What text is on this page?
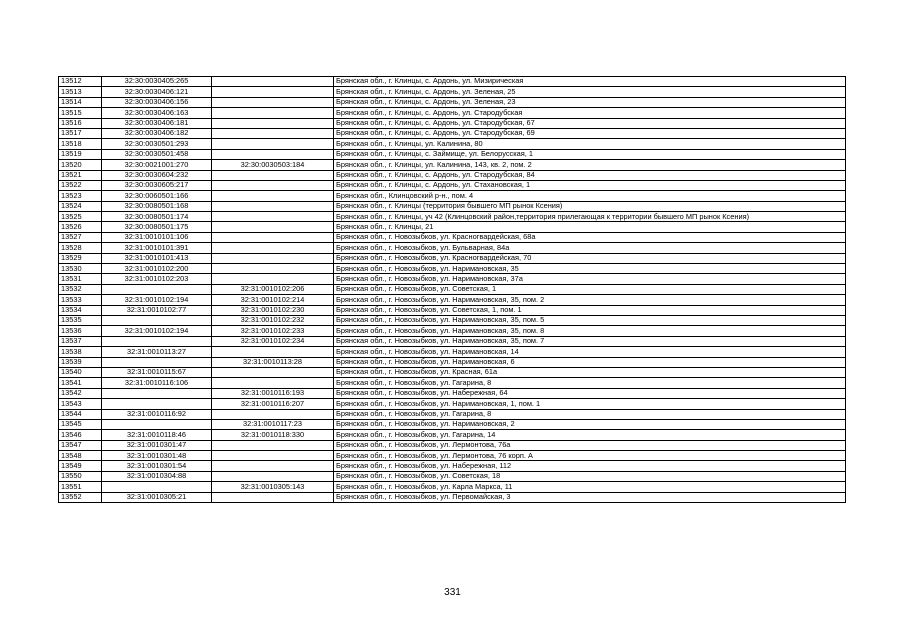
13512	32:30:0030405:265		Брянская обл., г. Клинцы, с. Ардонь, ул. Мизирическая
13513	32:30:0030406:121		Брянская обл., г. Клинцы, с. Ардонь, ул. Зеленая, 25
13514	32:30:0030406:156		Брянская обл., г. Клинцы, с. Ардонь, ул. Зеленая, 23
13515	32:30:0030406:163		Брянская обл., г. Клинцы, с. Ардонь, ул. Стародубская
13516	32:30:0030406:181		Брянская обл., г. Клинцы, с. Ардонь, ул. Стародубская, 67
13517	32:30:0030406:182		Брянская обл., г. Клинцы, с. Ардонь, ул. Стародубская, 69
13518	32:30:0030501:293		Брянская обл., г. Клинцы, ул. Калинина, 80
13519	32:30:0030501:458		Брянская обл., г. Клинцы, с. Займище, ул. Белорусская, 1
13520	32:30:0021001:270	32:30:0030503:184	Брянская обл., г. Клинцы, ул. Калинина, 143, кв. 2, пом. 2
13521	32:30:0030604:232		Брянская обл., г. Клинцы, с. Ардонь, ул. Стародубская, 84
13522	32:30:0030605:217		Брянская обл., г. Клинцы, с. Ардонь, ул. Стахановская, 1
13523	32:30:0060501:166		Брянская обл., Клинцовский р-н., пом. 4
13524	32:30:0080501:168		Брянская обл., г. Клинцы (территория бывшего МП рынок Ксения)
13525	32:30:0080501:174		Брянская обл., г. Клинцы, уч 42 (Клинцовский район,территория прилегающая к территории бывшего МП рынок Ксения)
13526	32:30:0080501:175		Брянская обл., г. Клинцы, 21
13527	32:31:0010101:106		Брянская обл., г. Новозыбков, ул. Красногвардейская, 68а
13528	32:31:0010101:391		Брянская обл., г. Новозыбков, ул. Бульварная, 84а
13529	32:31:0010101:413		Брянская обл., г. Новозыбков, ул. Красногвардейская, 70
13530	32:31:0010102:200		Брянская обл., г. Новозыбков, ул. Наримановская, 35
13531	32:31:0010102:203		Брянская обл., г. Новозыбков, ул. Наримановская, 37а
13532		32:31:0010102:206	Брянская обл., г. Новозыбков, ул. Советская, 1
13533	32:31:0010102:194	32:31:0010102:214	Брянская обл., г. Новозыбков, ул. Наримановская, 35, пом. 2
13534	32:31:0010102:77	32:31:0010102:230	Брянская обл., г. Новозыбков, ул. Советская, 1, пом. 1
13535		32:31:0010102:232	Брянская обл., г. Новозыбков, ул. Наримановская, 35, пом. 5
13536	32:31:0010102:194	32:31:0010102:233	Брянская обл., г. Новозыбков, ул. Наримановская, 35, пом. 8
13537		32:31:0010102:234	Брянская обл., г. Новозыбков, ул. Наримановская, 35, пом. 7
13538	32:31:0010113:27		Брянская обл., г. Новозыбков, ул. Наримановская, 14
13539		32:31:0010113:28	Брянская обл., г. Новозыбков, ул. Наримановская, 6
13540	32:31:0010115:67		Брянская обл., г. Новозыбков, ул. Красная, 61а
13541	32:31:0010116:106		Брянская обл., г. Новозыбков, ул. Гагарина, 8
13542		32:31:0010116:193	Брянская обл., г. Новозыбков, ул. Набережная, 64
13543		32:31:0010116:207	Брянская обл., г. Новозыбков, ул. Наримановская, 1, пом. 1
13544	32:31:0010116:92		Брянская обл., г. Новозыбков, ул. Гагарина, 8
13545		32:31:0010117:23	Брянская обл., г. Новозыбков, ул. Наримановская, 2
13546	32:31:0010118:46	32:31:0010118:330	Брянская обл., г. Новозыбков, ул. Гагарина, 14
13547	32:31:0010301:47		Брянская обл., г. Новозыбков, ул. Лермонтова, 76а
13548	32:31:0010301:48		Брянская обл., г. Новозыбков, ул. Лермонтова, 76 корп. А
13549	32:31:0010301:54		Брянская обл., г. Новозыбков, ул. Набережная, 112
13550	32:31:0010304:88		Брянская обл., г. Новозыбков, ул. Советская, 18
13551		32:31:0010305:143	Брянская обл., г. Новозыбков, ул. Карла Маркса, 11
13552	32:31:0010305:21		Брянская обл., г. Новозыбков, ул. Первомайская, 3
331
